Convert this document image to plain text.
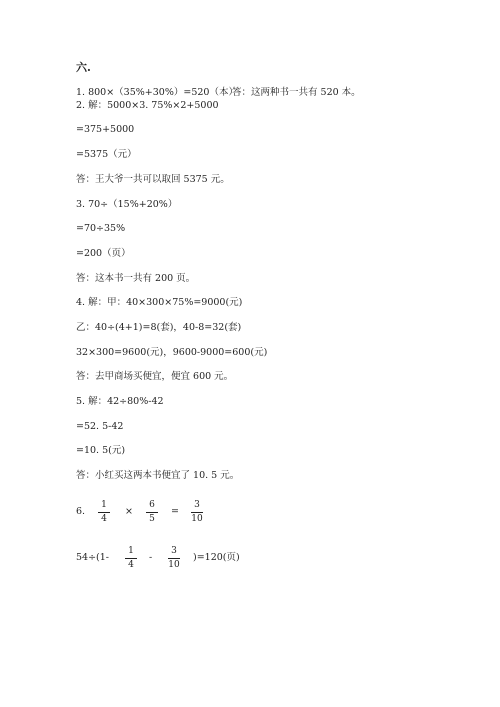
六.
1. 800×（35%+30%）=520（本）
答：这两种书一共有 520 本。
2. 解：5000×3. 75%×2+5000
=375+5000
=5375（元）
答：王大爷一共可以取回 5375 元。
3. 70÷（15%+20%）
=70÷35%
=200（页）
答：这本书一共有 200 页。
4. 解：甲：40×300×75%=9000(元)
乙：40÷(4+1)=8(套)，40-8=32(套)
32×300=9600(元)，9600-9000=600(元)
答：去甲商场买便宜，便宜 600 元。
5. 解：42÷80%-42
=52. 5-42
=10. 5(元)
答：小红买这两本书便宜了 10. 5 元。
6.
1
4
×
6
5
=
3
10
54÷(1-
1
4
-
3
10
)=120(页)
